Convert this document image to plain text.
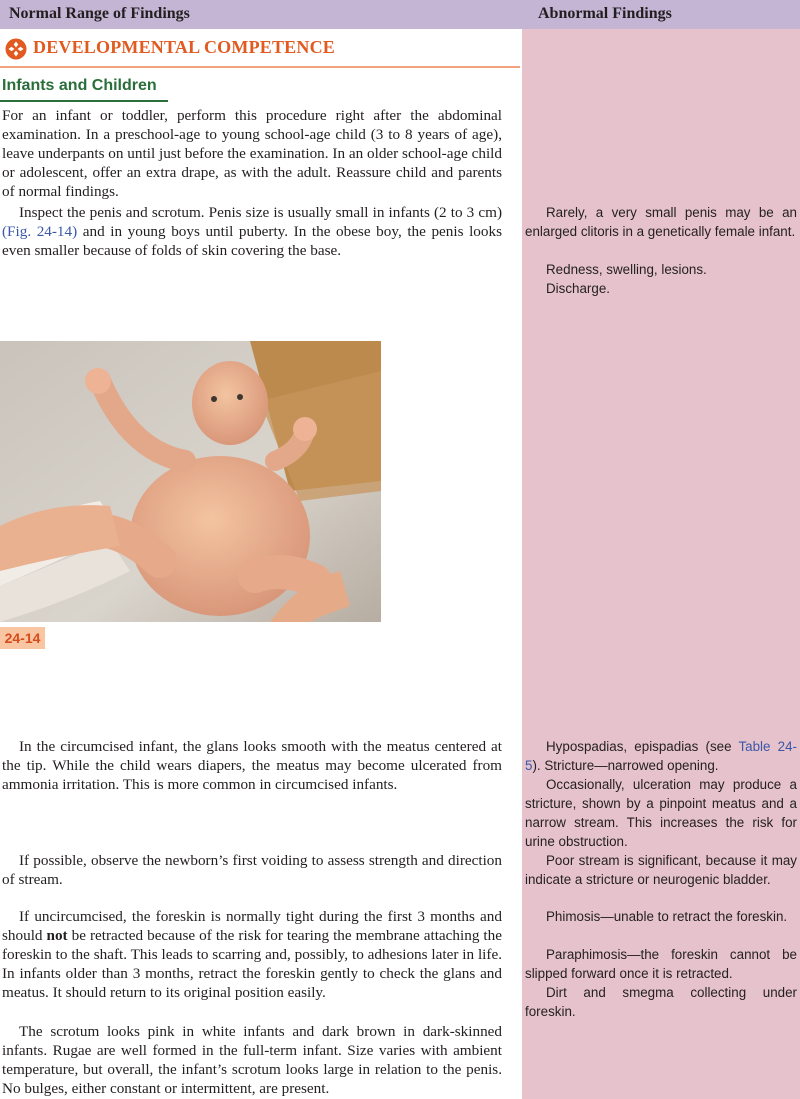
Normal Range of Findings	Abnormal Findings
DEVELOPMENTAL COMPETENCE
Infants and Children

For an infant or toddler, perform this procedure right after the abdominal examination. In a preschool-age to young school-age child (3 to 8 years of age), leave underpants on until just before the examination. In an older school-age child or adolescent, offer an extra drape, as with the adult. Reassure child and parents of normal findings.

Inspect the penis and scrotum. Penis size is usually small in infants (2 to 3 cm) (Fig. 24-14) and in young boys until puberty. In the obese boy, the penis looks even smaller because of folds of skin covering the base.

24-14

In the circumcised infant, the glans looks smooth with the meatus centered at the tip. While the child wears diapers, the meatus may become ulcerated from ammonia irritation. This is more common in circumcised infants.

If possible, observe the newborn’s first voiding to assess strength and direction of stream.

If uncircumcised, the foreskin is normally tight during the first 3 months and should not be retracted because of the risk for tearing the membrane attaching the foreskin to the shaft. This leads to scarring and, possibly, to adhesions later in life. In infants older than 3 months, retract the foreskin gently to check the glans and meatus. It should return to its original position easily.

The scrotum looks pink in white infants and dark brown in dark-skinned infants. Rugae are well formed in the full-term infant. Size varies with ambient temperature, but overall, the infant’s scrotum looks large in relation to the penis. No bulges, either constant or intermittent, are present.

Rarely, a very small penis may be an enlarged clitoris in a genetically female infant.

Redness, swelling, lesions.

Discharge.

Hypospadias, epispadias (see Table 24-5). Stricture—narrowed opening.

Occasionally, ulceration may produce a stricture, shown by a pinpoint meatus and a narrow stream. This increases the risk for urine obstruction.

Poor stream is significant, because it may indicate a stricture or neurogenic bladder.

Phimosis—unable to retract the foreskin.

Paraphimosis—the foreskin cannot be slipped forward once it is retracted.

Dirt and smegma collecting under foreskin.
